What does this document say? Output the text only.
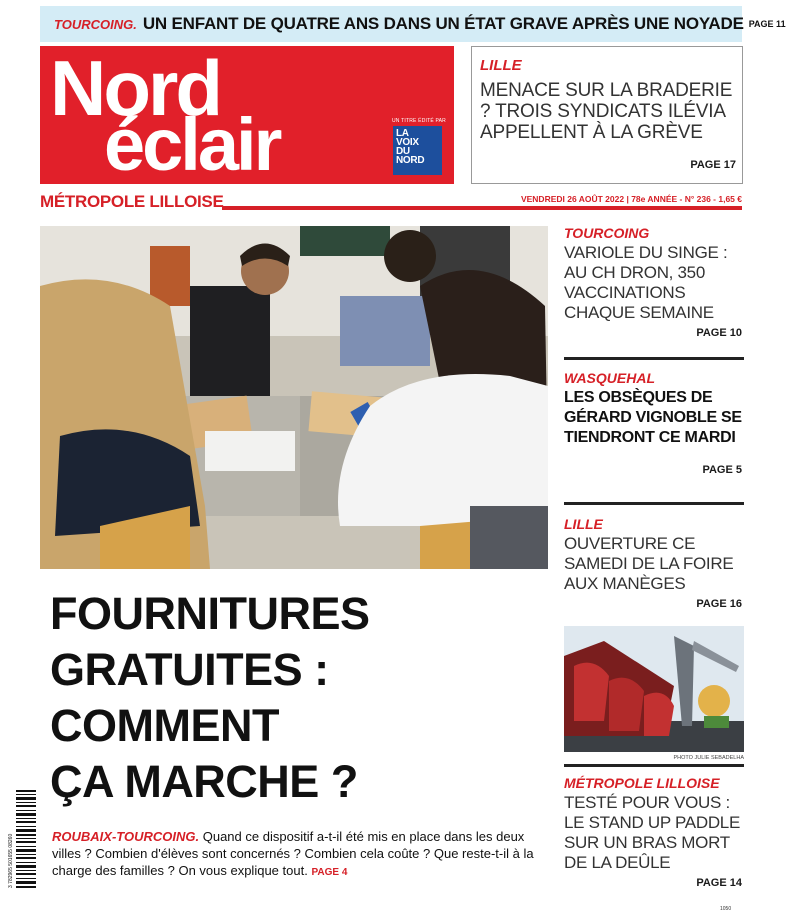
TOURCOING. UN ENFANT DE QUATRE ANS DANS UN ÉTAT GRAVE APRÈS UNE NOYADE PAGE 11
Nord
éclair	UN TITRE ÉDITÉ PAR
LA
VOIX
DU
NORD
LILLE
MENACE SUR LA BRADERIE ? TROIS SYNDICATS ILÉVIA APPELLENT À LA GRÈVE
PAGE 17
MÉTROPOLE LILLOISE	VENDREDI 26 AOÛT 2022 | 78e ANNÉE - N° 236 - 1,65 €
TOURCOING
VARIOLE DU SINGE : AU CH DRON, 350 VACCINATIONS CHAQUE SEMAINE
PAGE 10
WASQUEHAL
LES OBSÈQUES DE GÉRARD VIGNOBLE SE TIENDRONT CE MARDI
PAGE 5
LILLE
OUVERTURE CE SAMEDI DE LA FOIRE AUX MANÈGES
PAGE 16
PHOTO JULIE SEBADELHA
MÉTROPOLE LILLOISE
TESTÉ POUR VOUS : LE STAND UP PADDLE SUR UN BRAS MORT DE LA DEÛLE
PAGE 14
FOURNITURES
GRATUITES :
COMMENT
ÇA MARCHE ?
ROUBAIX-TOURCOING. Quand ce dispositif a-t-il été mis en place dans les deux villes ? Combien d'élèves sont concernés ? Combien cela coûte ? Que reste-t-il à la charge des familles ? On vous explique tout. PAGE 4
3 782965 501655 08260
1050
